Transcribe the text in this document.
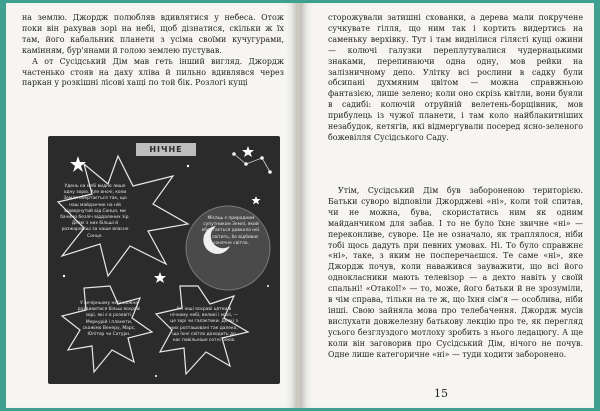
на землю. Джордж полюбляв вдивлятися у небеса. Отож поки він рахував зорі на небі, щоб дізнатися, скільки ж їх там, його кабальник планети з усіма своїми кучугурами, камінням, бур'янами й голою землею пустував.

А от Сусідський Дім мав геть інший вигляд. Джордж частенько стояв на даху хліва й пильно вдивлявся через паркан у розкішні лісові хащі по той бік. Розлогі кущі

НІЧНЕ НЕБО
Удень на небі видно лише одну зорю. Але вночі, коли Земля обертається так, що наш майданчик на ній відвернутий від Сонця, ми бачимо безліч віддалених зір. Деякі з них більші й розжареніші за наше власне Сонце.
Місяць є природним супутником Землі, який обертається довкола неї. Він світить, бо відбиває сонячне світло.
У вечірньому небі можна роздивитися більш яскраві зорі, які є в розквіті. Меркурій і планети, скажімо Венеру, Марс, Юпітер чи Сатурн.
Усі інші яскраві цятки в нічному небі, великі і малі, — це зорі чи галактики. Деякі з них розташовані так далеко, що їхнє світло доходить до нас повільніше сотні років.

сторожували затишні схованки, а дерева мали покручене сучкувате гілля, що ним так і кортить видертись на саменьку верхівку. Тут і там виднілися гілясті кущі ожини — колючі галузки переплутувалися чудернацькими знаками, перепинаючи одна одну, мов рейки на залізничному депо. Улітку всі рослини в садку були обсипані духмяним цвітом — можна справжньою фантазією, лише зелено; коли оно скрізь квітли, вони буяли в садибі: колючій отруйній велетень-борщівник, мов прибулець із чужої планети, і там коло найблакитніших незабудок, кетягів, які відмергували посеред ясно-зеленого божевілля Сусідського Саду.

Утім, Сусідський Дім був забороненою територією. Батьки суворо відповіли Джорджеві «ні», коли той спитав, чи не можна, бува, скористатись ним як одним майданчиком для забав. І то не було їхнє звичне «ні» — переконливе, суворе. Це не означало, як траплялося, ніби тобі щось дадуть при певних умовах. Ні. То було справжнє «ні», таке, з яким не посперечаєшся. Те саме «ні», яке Джордж почув, коли наважився зауважити, що всі його однокласники мають телевізор — а дехто навіть у своїй спальні! «Отакої!» — то, може, його батьки й не зрозуміли, в чім справа, тільки на те ж, що їхня сім'я — особлива, ніби інші. Свою зайняла мова про телебачення. Джордж мусів вислухати довжелезну батькову лекцію про те, як перегляд усього безглуздого мотлоху зробить з нього ледацюгу. А ще коли він заговорив про Сусідський Дім, нічого не почув. Одне лише категоричне «ні» — туди ходити заборонено.

15
